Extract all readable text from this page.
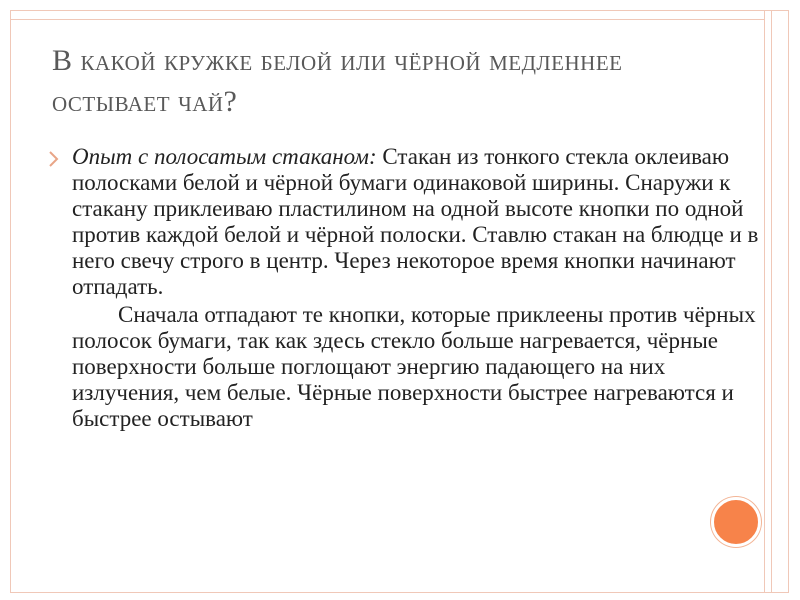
В какой кружке белой или чёрной медленнее остывает чай?

Опыт с полосатым стаканом: Стакан из тонкого стекла оклеиваю полосками белой и чёрной бумаги одинаковой ширины. Снаружи к стакану приклеиваю пластилином на одной высоте кнопки по одной против каждой белой и чёрной полоски. Ставлю стакан на блюдце и в него свечу строго в центр. Через некоторое время кнопки начинают отпадать.

Сначала отпадают те кнопки, которые приклеены против чёрных полосок бумаги, так как здесь стекло больше нагревается, чёрные поверхности больше поглощают энергию падающего на них излучения, чем белые. Чёрные поверхности быстрее нагреваются и быстрее остывают
